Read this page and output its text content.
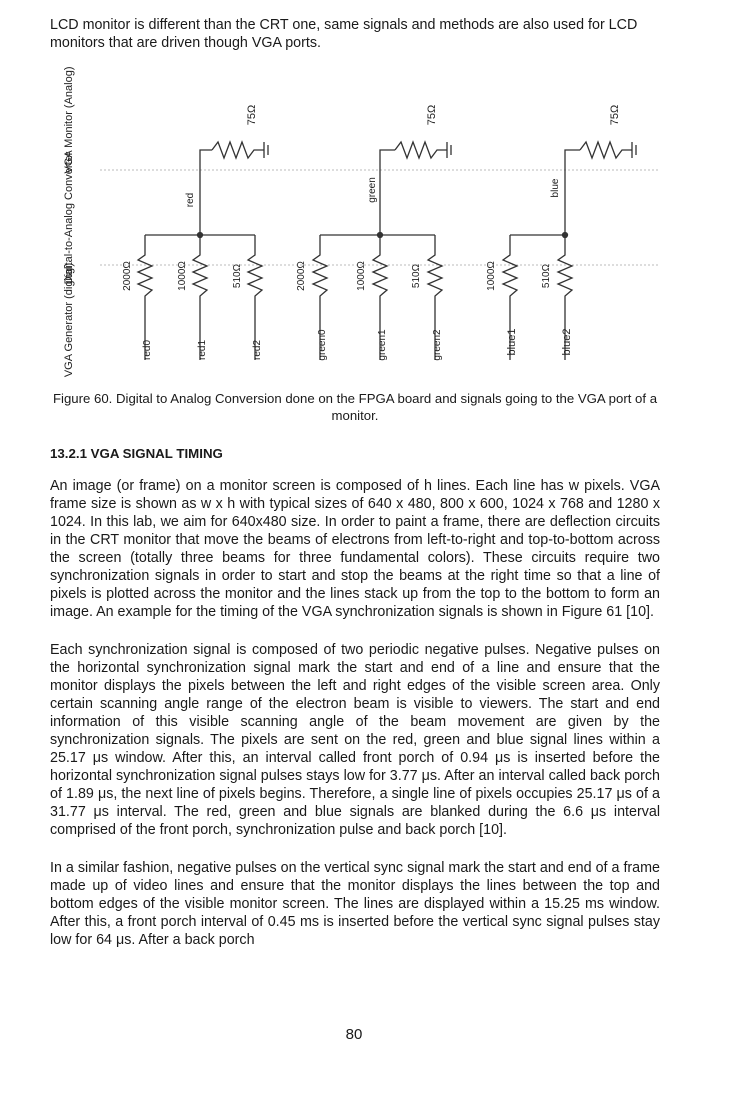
LCD monitor is different than the CRT one, same signals and methods are also used for LCD monitors that are driven though VGA ports.

VGA Monitor (Analog)
Digital-to-Analog Converter
VGA Generator (digital)
red
75Ω
2000Ω	1000Ω	510Ω
red0	red1	red2
green
75Ω
2000Ω	1000Ω	510Ω
green0	green1	green2
blue
75Ω
1000Ω	510Ω
blue1	blue2

Figure 60. Digital to Analog Conversion done on the FPGA board and signals going to the VGA port of a monitor.

13.2.1 VGA SIGNAL TIMING

An image (or frame) on a monitor screen is composed of h lines. Each line has w pixels. VGA frame size is shown as w x h with typical sizes of 640 x 480, 800 x 600, 1024 x 768 and 1280 x 1024. In this lab, we aim for 640x480 size. In order to paint a frame, there are deflection circuits in the CRT monitor that move the beams of electrons from left-to-right and top-to-bottom across the screen (totally three beams for three fundamental colors). These circuits require two synchronization signals in order to start and stop the beams at the right time so that a line of pixels is plotted across the monitor and the lines stack up from the top to the bottom to form an image. An example for the timing of the VGA synchronization signals is shown in Figure 61 [10].

Each synchronization signal is composed of two periodic negative pulses. Negative pulses on the horizontal synchronization signal mark the start and end of a line and ensure that the monitor displays the pixels between the left and right edges of the visible screen area. Only certain scanning angle range of the electron beam is visible to viewers. The start and end information of this visible scanning angle of the beam movement are given by the synchronization signals. The pixels are sent on the red, green and blue signal lines within a 25.17 μs window. After this, an interval called front porch of 0.94 μs is inserted before the horizontal synchronization signal pulses stays low for 3.77 μs. After an interval called back porch of 1.89 μs, the next line of pixels begins. Therefore, a single line of pixels occupies 25.17 μs of a 31.77 μs interval. The red, green and blue signals are blanked during the 6.6 μs interval comprised of the front porch, synchronization pulse and back porch [10].

In a similar fashion, negative pulses on the vertical sync signal mark the start and end of a frame made up of video lines and ensure that the monitor displays the lines between the top and bottom edges of the visible monitor screen. The lines are displayed within a 15.25 ms window. After this, a front porch interval of 0.45 ms is inserted before the vertical sync signal pulses stay low for 64 μs. After a back porch

80
